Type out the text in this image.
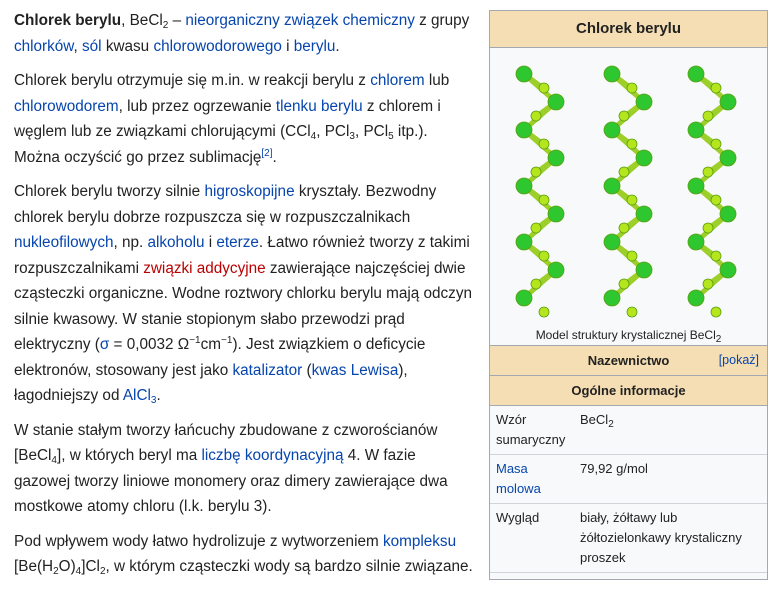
Chlorek berylu, BeCl$_2$ – nieorganiczny związek chemiczny z grupy chlorków, sól kwasu chlorowodorowego i berylu.

Chlorek berylu otrzymuje się m.in. w reakcji berylu z chlorem lub chlorowodorem, lub przez ogrzewanie tlenku berylu z chlorem i węglem lub ze związkami chlorującymi (CCl$_4$, PCl$_3$, PCl$_5$ itp.). Można oczyścić go przez sublimację[2].

Chlorek berylu tworzy silnie higroskopijne kryształy. Bezwodny chlorek berylu dobrze rozpuszcza się w rozpuszczalnikach nukleofilowych, np. alkoholu i eterze. Łatwo również tworzy z takimi rozpuszczalnikami związki addycyjne zawierające najczęściej dwie cząsteczki organiczne. Wodne roztwory chlorku berylu mają odczyn silnie kwasowy. W stanie stopionym słabo przewodzi prąd elektryczny (σ = 0,0032 $\Omega^{-1}cm^{-1}$). Jest związkiem o deficycie elektronów, stosowany jest jako katalizator (kwas Lewisa), łagodniejszy od AlCl$_3$.

W stanie stałym tworzy łańcuchy zbudowane z czworościanów [BeCl$_4$], w których beryl ma liczbę koordynacyjną 4. W fazie gazowej tworzy liniowe monomery oraz dimery zawierające dwa mostkowe atomy chloru (l.k. berylu 3).

Pod wpływem wody łatwo hydrolizuje z wytworzeniem kompleksu $[Be(H_2O)_4]Cl_2$, w którym cząsteczki wody są bardzo silnie związane.

Chlorek berylu
Model struktury krystalicznej BeCl$_2$
Nazewnictwo	[pokaż]
Ogólne informacje
Wzór sumaryczny
BeCl$_2$
Masa molowa
79,92 g/mol
Wygląd	biały, żółtawy lub żółtozielonkawy krystaliczny proszek
